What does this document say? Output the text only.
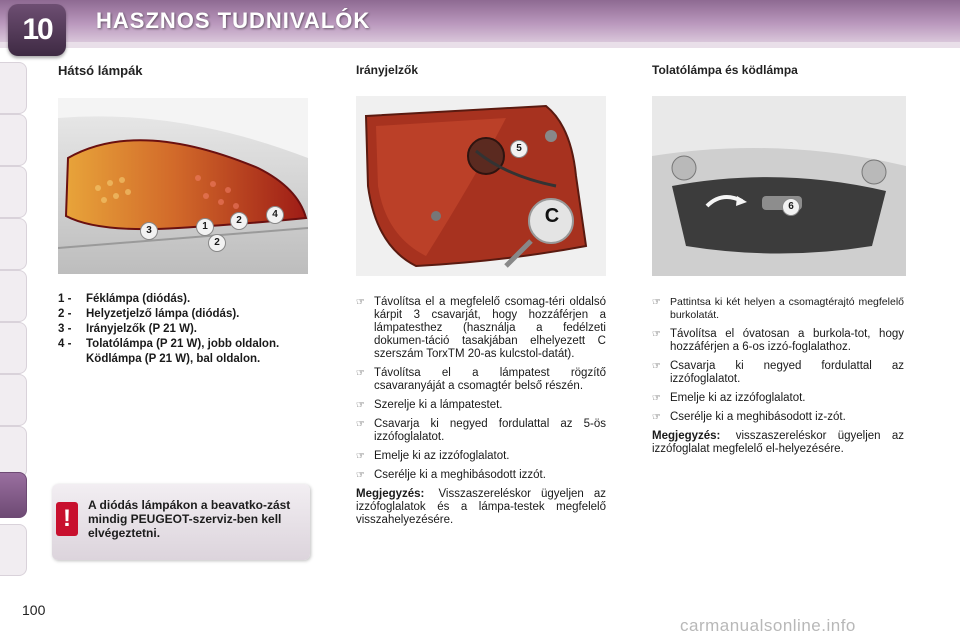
10	HASZNOS TUDNIVALÓK
Hátsó lámpák
3	1
2
4
2
1 -	Féklámpa (diódás).
2 -	Helyzetjelző lámpa (diódás).
3 -	Irányjelzők (P 21 W).
4 -	Tolatólámpa (P 21 W), jobb oldalon.
Ködlámpa (P 21 W), bal oldalon.
!	A diódás lámpákon a beavatko-zást mindig PEUGEOT-szerviz-ben kell elvégeztetni.
Irányjelzők
5
C
☞ Távolítsa el a megfelelő csomag-téri oldalsó kárpit 3 csavarját, hogy hozzáférjen a lámpatesthez (használja a fedélzeti dokumen-táció tasakjában elhelyezett C szerszám TorxTM 20-as kulcstol-datát).
☞ Távolítsa el a lámpatest rögzítő csavaranyáját a csomagtér belső részén.
☞ Szerelje ki a lámpatestet.
☞ Csavarja ki negyed fordulattal az 5-ös izzófoglalatot.
☞ Emelje ki az izzófoglalatot.
☞ Cserélje ki a meghibásodott izzót.
Megjegyzés: Visszaszereléskor ügyeljen az izzófoglalatok és a lámpa-testek megfelelő visszahelyezésére.
Tolatólámpa és ködlámpa
6
☞ Pattintsa ki két helyen a csomagtérajtó megfelelő burkolatát.
☞ Távolítsa el óvatosan a burkola-tot, hogy hozzáférjen a 6-os izzó-foglalathoz.
☞ Csavarja ki negyed fordulattal az izzófoglalatot.
☞ Emelje ki az izzófoglalatot.
☞ Cserélje ki a meghibásodott iz-zót.
Megjegyzés: visszaszereléskor ügyeljen az izzófoglalat megfelelő el-helyezésére.
100
carmanualsonline.info
